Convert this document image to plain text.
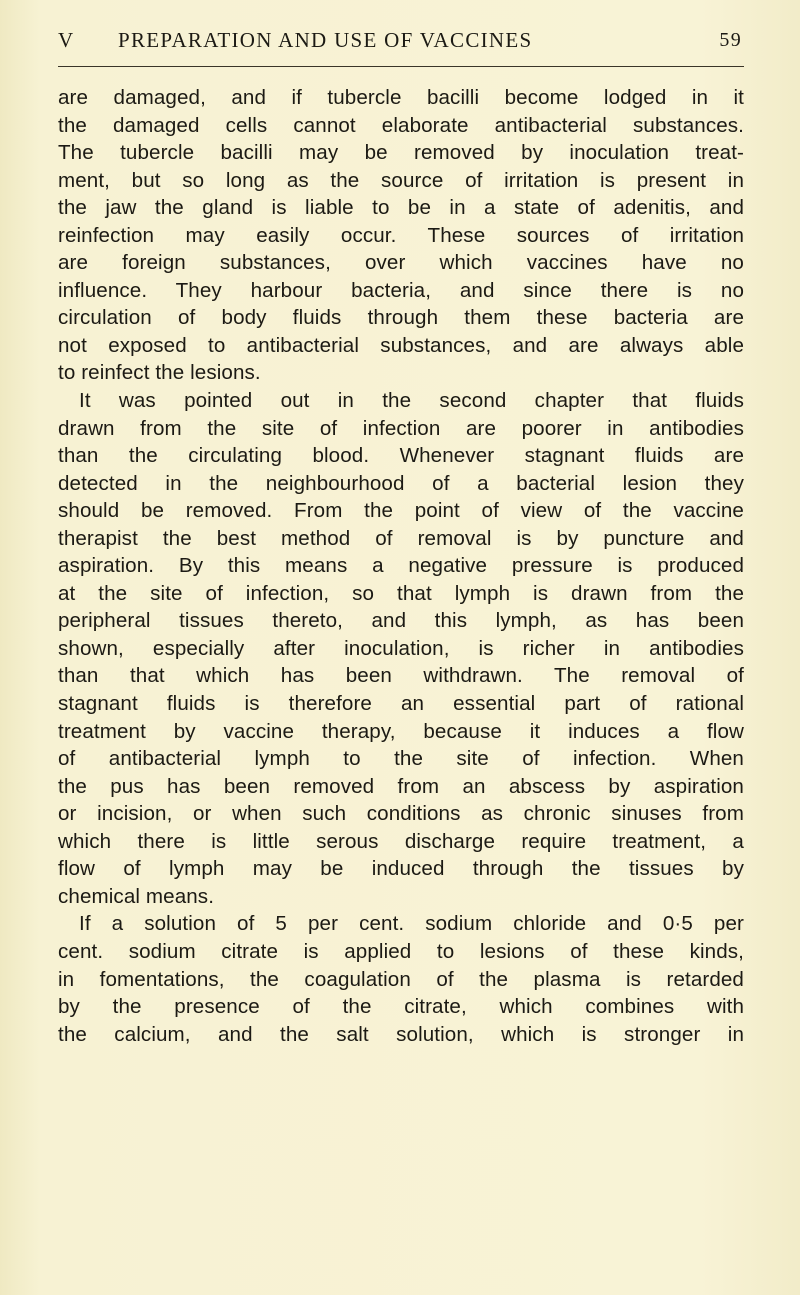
V PREPARATION AND USE OF VACCINES	59
are damaged, and if tubercle bacilli become lodged in it
the damaged cells cannot elaborate antibacterial substances.
The tubercle bacilli may be removed by inoculation treat-
ment, but so long as the source of irritation is present in
the jaw the gland is liable to be in a state of adenitis, and
reinfection may easily occur. These sources of irritation
are foreign substances, over which vaccines have no
influence. They harbour bacteria, and since there is no
circulation of body fluids through them these bacteria are
not exposed to antibacterial substances, and are always able
to reinfect the lesions.
It was pointed out in the second chapter that fluids
drawn from the site of infection are poorer in antibodies
than the circulating blood. Whenever stagnant fluids are
detected in the neighbourhood of a bacterial lesion they
should be removed. From the point of view of the vaccine
therapist the best method of removal is by puncture and
aspiration. By this means a negative pressure is produced
at the site of infection, so that lymph is drawn from the
peripheral tissues thereto, and this lymph, as has been
shown, especially after inoculation, is richer in antibodies
than that which has been withdrawn. The removal of
stagnant fluids is therefore an essential part of rational
treatment by vaccine therapy, because it induces a flow
of antibacterial lymph to the site of infection. When
the pus has been removed from an abscess by aspiration
or incision, or when such conditions as chronic sinuses from
which there is little serous discharge require treatment, a
flow of lymph may be induced through the tissues by
chemical means.
If a solution of 5 per cent. sodium chloride and 0·5 per
cent. sodium citrate is applied to lesions of these kinds,
in fomentations, the coagulation of the plasma is retarded
by the presence of the citrate, which combines with
the calcium, and the salt solution, which is stronger in
